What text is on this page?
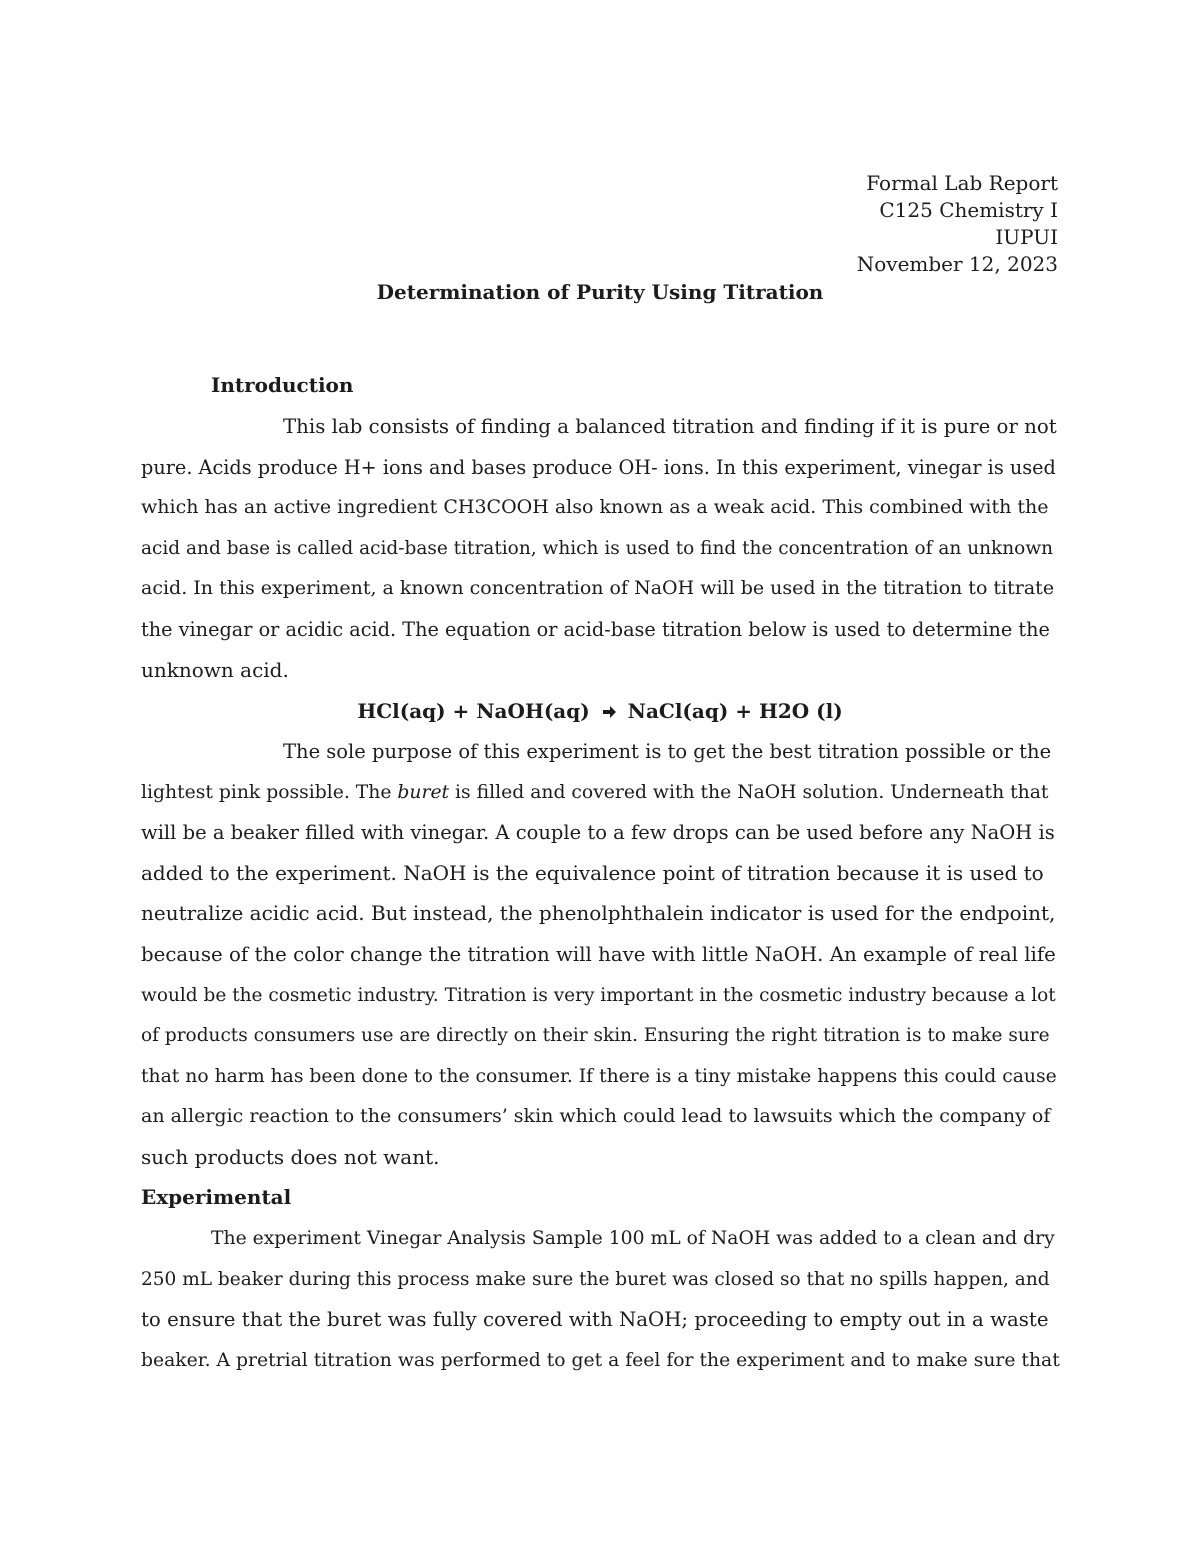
Formal Lab Report
C125 Chemistry I
IUPUI
November 12, 2023
Determination of Purity Using Titration
Introduction
This lab consists of finding a balanced titration and finding if it is pure or not
pure. Acids produce H+ ions and bases produce OH- ions. In this experiment, vinegar is used
which has an active ingredient CH3COOH also known as a weak acid. This combined with the
acid and base is called acid-base titration, which is used to find the concentration of an unknown
acid. In this experiment, a known concentration of NaOH will be used in the titration to titrate
the vinegar or acidic acid. The equation or acid-base titration below is used to determine the
unknown acid.
HCl(aq) + NaOH(aq) NaCl(aq) + H2O (l)
The sole purpose of this experiment is to get the best titration possible or the
lightest pink possible. The buret is filled and covered with the NaOH solution. Underneath that
will be a beaker filled with vinegar. A couple to a few drops can be used before any NaOH is
added to the experiment. NaOH is the equivalence point of titration because it is used to
neutralize acidic acid. But instead, the phenolphthalein indicator is used for the endpoint,
because of the color change the titration will have with little NaOH. An example of real life
would be the cosmetic industry. Titration is very important in the cosmetic industry because a lot
of products consumers use are directly on their skin. Ensuring the right titration is to make sure
that no harm has been done to the consumer. If there is a tiny mistake happens this could cause
an allergic reaction to the consumers’ skin which could lead to lawsuits which the company of
such products does not want.
Experimental
The experiment Vinegar Analysis Sample 100 mL of NaOH was added to a clean and dry
250 mL beaker during this process make sure the buret was closed so that no spills happen, and
to ensure that the buret was fully covered with NaOH; proceeding to empty out in a waste
beaker. A pretrial titration was performed to get a feel for the experiment and to make sure that
